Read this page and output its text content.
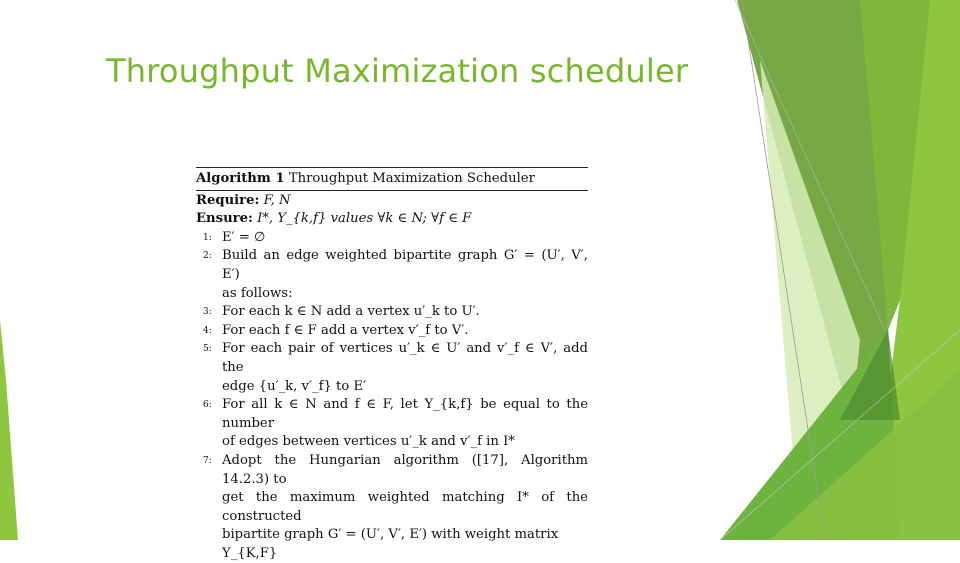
Throughput Maximization scheduler
Algorithm 1 Throughput Maximization Scheduler
Require: F, N
Ensure: I*, Y_{k,f} values ∀k ∈ N; ∀f ∈ F
1: E′ = ∅
2: Build an edge weighted bipartite graph G′ = (U′, V′, E′)
as follows:
3: For each k ∈ N add a vertex u′_k to U′.
4: For each f ∈ F add a vertex v′_f to V′.
5: For each pair of vertices u′_k ∈ U′ and v′_f ∈ V′, add the
edge {u′_k, v′_f} to E′
6: For all k ∈ N and f ∈ F, let Y_{k,f} be equal to the number
of edges between vertices u′_k and v′_f in I*
7: Adopt the Hungarian algorithm ([17], Algorithm 14.2.3) to
get the maximum weighted matching I* of the constructed
bipartite graph G′ = (U′, V′, E′) with weight matrix
Y_{K,F}
